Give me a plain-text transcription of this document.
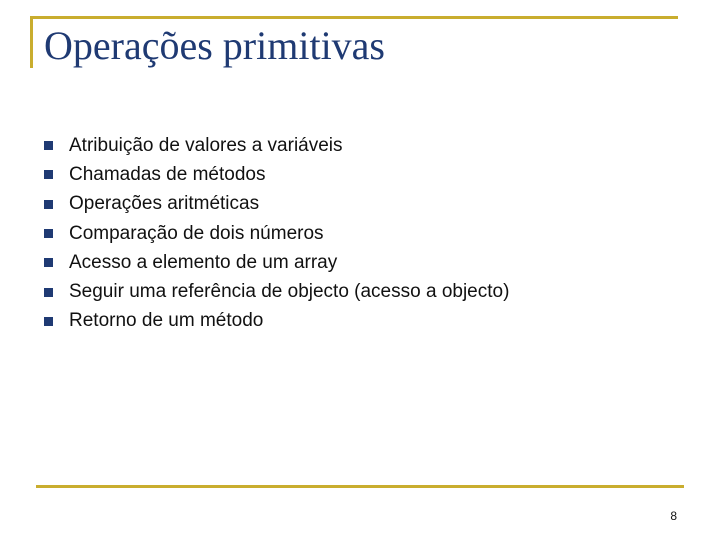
Operações primitivas
Atribuição de valores a variáveis
Chamadas de métodos
Operações aritméticas
Comparação de dois números
Acesso a elemento de um array
Seguir uma referência de objecto (acesso a objecto)
Retorno de um método
8
